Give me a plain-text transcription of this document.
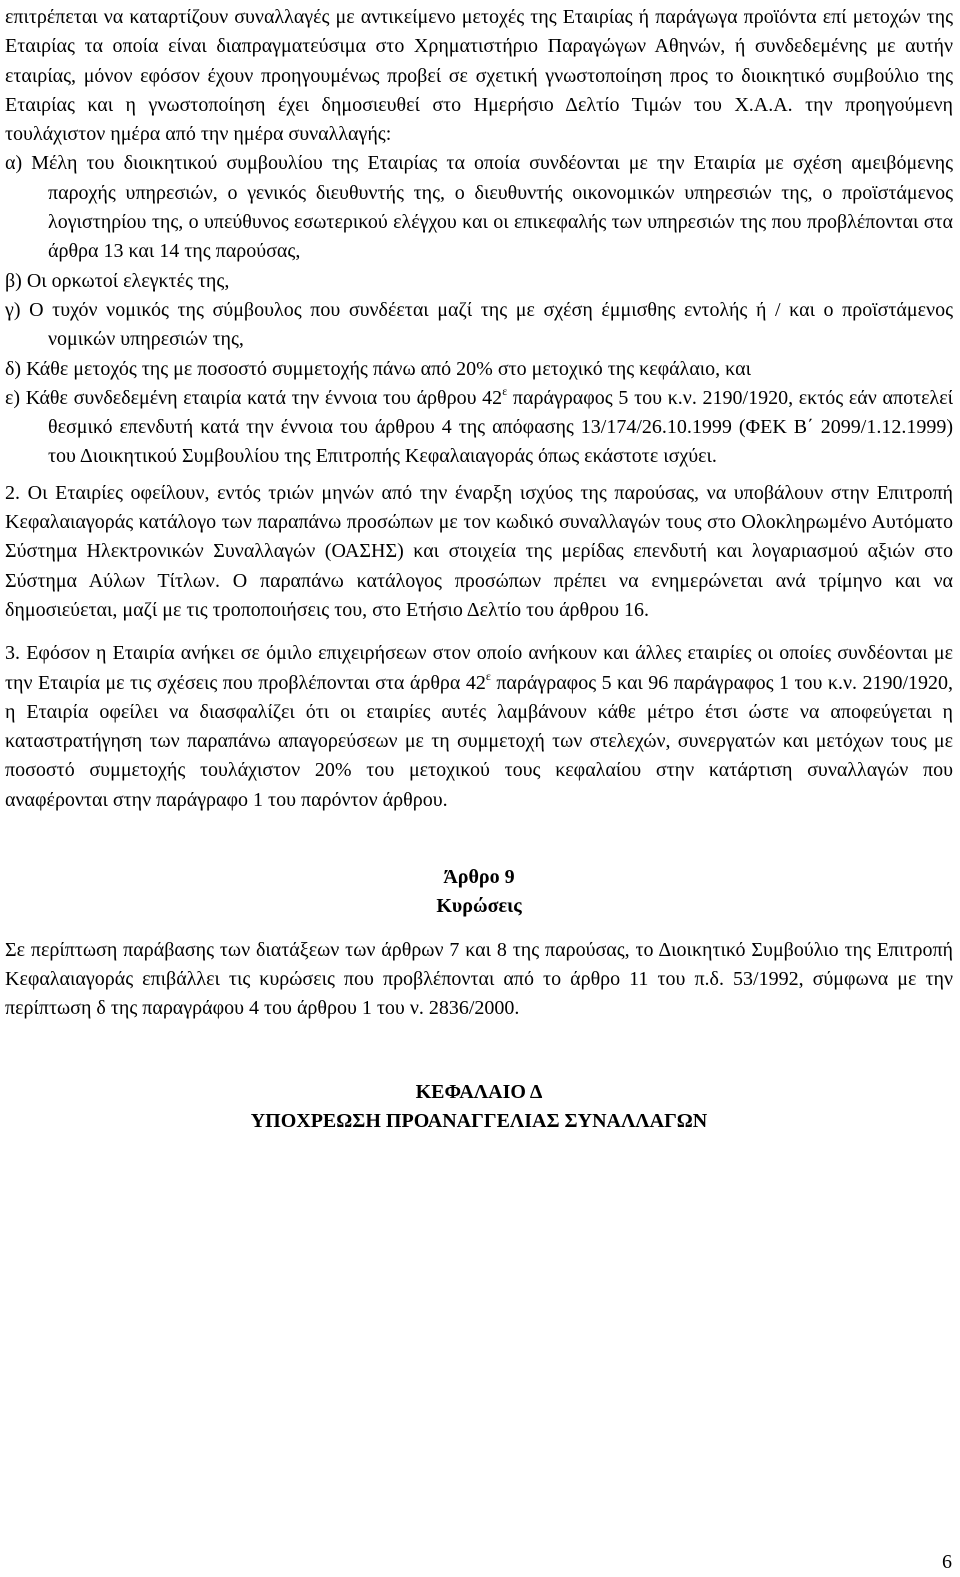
επιτρέπεται να καταρτίζουν συναλλαγές με αντικείμενο μετοχές της Εταιρίας ή παράγωγα προϊόντα επί μετοχών της Εταιρίας τα οποία είναι διαπραγματεύσιμα στο Χρηματιστήριο Παραγώγων Αθηνών, ή συνδεδεμένης με αυτήν εταιρίας, μόνον εφόσον έχουν προηγουμένως προβεί σε σχετική γνωστοποίηση προς το διοικητικό συμβούλιο της Εταιρίας και η γνωστοποίηση έχει δημοσιευθεί στο Ημερήσιο Δελτίο Τιμών του Χ.Α.Α. την προηγούμενη τουλάχιστον ημέρα από την ημέρα συναλλαγής:

α) Μέλη του διοικητικού συμβουλίου της Εταιρίας τα οποία συνδέονται με την Εταιρία με σχέση αμειβόμενης παροχής υπηρεσιών, ο γενικός διευθυντής της, ο διευθυντής οικονομικών υπηρεσιών της, ο προϊστάμενος λογιστηρίου της, ο υπεύθυνος εσωτερικού ελέγχου και οι επικεφαλής των υπηρεσιών της που προβλέπονται στα άρθρα 13 και 14 της παρούσας,

β) Οι ορκωτοί ελεγκτές της,

γ) Ο τυχόν νομικός της σύμβουλος που συνδέεται μαζί της με σχέση έμμισθης εντολής ή / και ο προϊστάμενος νομικών υπηρεσιών της,

δ) Κάθε μετοχός της με ποσοστό συμμετοχής πάνω από 20% στο μετοχικό της κεφάλαιο, και

ε) Κάθε συνδεδεμένη εταιρία κατά την έννοια του άρθρου $42^\varepsilon$ παράγραφος 5 του κ.ν. 2190/1920, εκτός εάν αποτελεί θεσμικό επενδυτή κατά την έννοια του άρθρου 4 της απόφασης 13/174/26.10.1999 (ΦΕΚ Β΄ 2099/1.12.1999) του Διοικητικού Συμβουλίου της Επιτροπής Κεφαλαιαγοράς όπως εκάστοτε ισχύει.

2. Οι Εταιρίες οφείλουν, εντός τριών μηνών από την έναρξη ισχύος της παρούσας, να υποβάλουν στην Επιτροπή Κεφαλαιαγοράς κατάλογο των παραπάνω προσώπων με τον κωδικό συναλλαγών τους στο Ολοκληρωμένο Αυτόματο Σύστημα Ηλεκτρονικών Συναλλαγών (ΟΑΣΗΣ) και στοιχεία της μερίδας επενδυτή και λογαριασμού αξιών στο Σύστημα Αύλων Τίτλων. Ο παραπάνω κατάλογος προσώπων πρέπει να ενημερώνεται ανά τρίμηνο και να δημοσιεύεται, μαζί με τις τροποποιήσεις του, στο Ετήσιο Δελτίο του άρθρου 16.

3. Εφόσον η Εταιρία ανήκει σε όμιλο επιχειρήσεων στον οποίο ανήκουν και άλλες εταιρίες οι οποίες συνδέονται με την Εταιρία με τις σχέσεις που προβλέπονται στα άρθρα $42^\varepsilon$ παράγραφος 5 και 96 παράγραφος 1 του κ.ν. 2190/1920, η Εταιρία οφείλει να διασφαλίζει ότι οι εταιρίες αυτές λαμβάνουν κάθε μέτρο έτσι ώστε να αποφεύγεται η καταστρατήγηση των παραπάνω απαγορεύσεων με τη συμμετοχή των στελεχών, συνεργατών και μετόχων τους με ποσοστό συμμετοχής τουλάχιστον 20% του μετοχικού τους κεφαλαίου στην κατάρτιση συναλλαγών που αναφέρονται στην παράγραφο 1 του παρόντον άρθρου.

Άρθρο 9

Κυρώσεις

Σε περίπτωση παράβασης των διατάξεων των άρθρων 7 και 8 της παρούσας, το Διοικητικό Συμβούλιο της Επιτροπή Κεφαλαιαγοράς επιβάλλει τις κυρώσεις που προβλέπονται από το άρθρο 11 του π.δ. 53/1992, σύμφωνα με την περίπτωση δ της παραγράφου 4 του άρθρου 1 του ν. 2836/2000.

ΚΕΦΑΛΑΙΟ Δ

ΥΠΟΧΡΕΩΣΗ ΠΡΟΑΝΑΓΓΕΛΙΑΣ ΣΥΝΑΛΛΑΓΩΝ

6
